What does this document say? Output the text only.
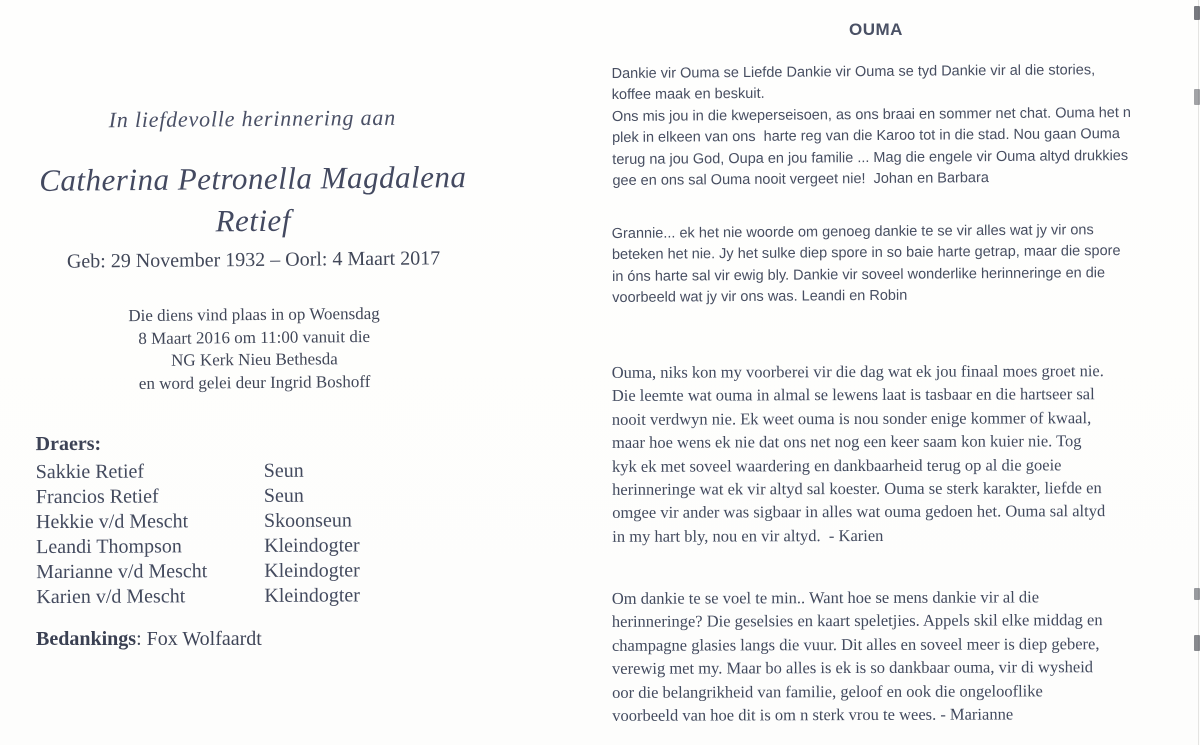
In liefdevolle herinnering aan
Catherina Petronella Magdalena
Retief
Geb: 29 November 1932 – Oorl: 4 Maart 2017
Die diens vind plaas in op Woensdag
8 Maart 2016 om 11:00 vanuit die
NG Kerk Nieu Bethesda
en word gelei deur Ingrid Boshoff
Draers:
Sakkie Retief	Seun
Francios Retief	Seun
Hekkie v/d Mescht	Skoonseun
Leandi Thompson	Kleindogter
Marianne v/d Mescht	Kleindogter
Karien v/d Mescht	Kleindogter
Bedankings: Fox Wolfaardt
OUMA
Dankie vir Ouma se Liefde Dankie vir Ouma se tyd Dankie vir al die stories,
koffee maak en beskuit.
Ons mis jou in die kweperseisoen, as ons braai en sommer net chat. Ouma het n
plek in elkeen van ons  harte reg van die Karoo tot in die stad. Nou gaan Ouma
terug na jou God, Oupa en jou familie ... Mag die engele vir Ouma altyd drukkies
gee en ons sal Ouma nooit vergeet nie!  Johan en Barbara
Grannie... ek het nie woorde om genoeg dankie te se vir alles wat jy vir ons
beteken het nie. Jy het sulke diep spore in so baie harte getrap, maar die spore
in óns harte sal vir ewig bly. Dankie vir soveel wonderlike herinneringe en die
voorbeeld wat jy vir ons was. Leandi en Robin
Ouma, niks kon my voorberei vir die dag wat ek jou finaal moes groet nie.
Die leemte wat ouma in almal se lewens laat is tasbaar en die hartseer sal
nooit verdwyn nie. Ek weet ouma is nou sonder enige kommer of kwaal,
maar hoe wens ek nie dat ons net nog een keer saam kon kuier nie. Tog
kyk ek met soveel waardering en dankbaarheid terug op al die goeie
herinneringe wat ek vir altyd sal koester. Ouma se sterk karakter, liefde en
omgee vir ander was sigbaar in alles wat ouma gedoen het. Ouma sal altyd
in my hart bly, nou en vir altyd.  - Karien
Om dankie te se voel te min.. Want hoe se mens dankie vir al die
herinneringe? Die geselsies en kaart speletjies. Appels skil elke middag en
champagne glasies langs die vuur. Dit alles en soveel meer is diep gebere,
verewig met my. Maar bo alles is ek is so dankbaar ouma, vir di wysheid
oor die belangrikheid van familie, geloof en ook die ongelooflike
voorbeeld van hoe dit is om n sterk vrou te wees. - Marianne
